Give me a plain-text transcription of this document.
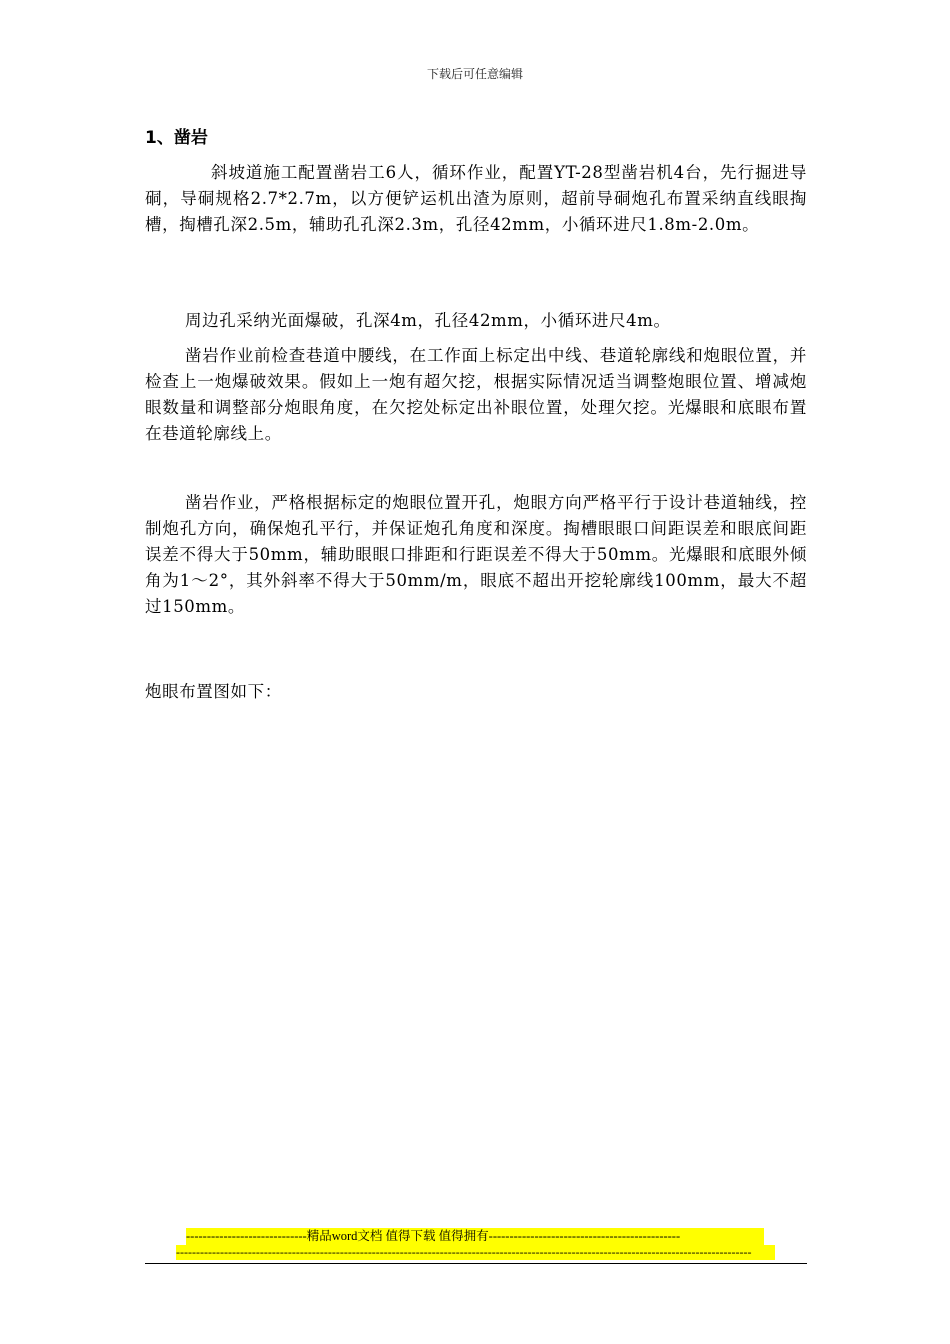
下载后可任意编辑
1、凿岩

斜坡道施工配置凿岩工6人，循环作业，配置YT-28型凿岩机4台，先行掘进导硐，导硐规格2.7*2.7m，以方便铲运机出渣为原则，超前导硐炮孔布置采纳直线眼掏槽，掏槽孔深2.5m，辅助孔孔深2.3m，孔径42mm，小循环进尺1.8m-2.0m。

周边孔采纳光面爆破，孔深4m，孔径42mm，小循环进尺4m。

凿岩作业前检查巷道中腰线，在工作面上标定出中线、巷道轮廓线和炮眼位置，并检查上一炮爆破效果。假如上一炮有超欠挖，根据实际情况适当调整炮眼位置、增减炮眼数量和调整部分炮眼角度，在欠挖处标定出补眼位置，处理欠挖。光爆眼和底眼布置在巷道轮廓线上。

凿岩作业，严格根据标定的炮眼位置开孔，炮眼方向严格平行于设计巷道轴线，控制炮孔方向，确保炮孔平行，并保证炮孔角度和深度。掏槽眼眼口间距误差和眼底间距误差不得大于50mm，辅助眼眼口排距和行距误差不得大于50mm。光爆眼和底眼外倾角为1～2°，其外斜率不得大于50mm/m，眼底不超出开挖轮廓线100mm，最大不超过150mm。

炮眼布置图如下：

-----------------------------精品word文档 值得下载 值得拥有----------------------------------------------
------------------------------------------------------------------------------------------------------------------------------------------------
